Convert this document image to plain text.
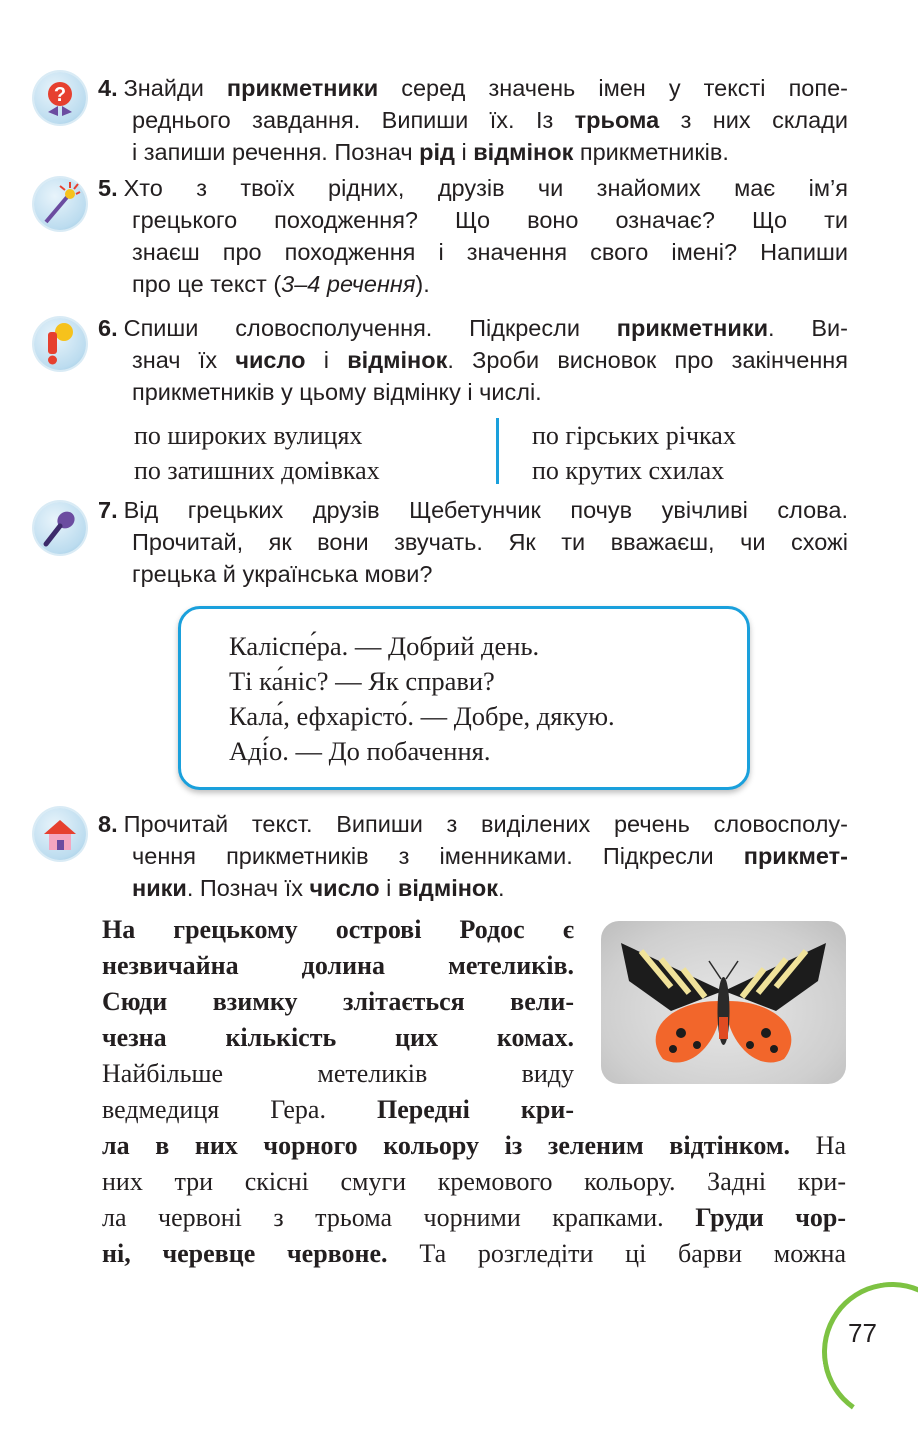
? 4. Знайди прикметники серед значень імен у тексті попе-
реднього завдання. Випиши їх. Із трьома з них склади
і запиши речення. Познач рід і відмінок прикметників.
5. Хто з твоїх рідних, друзів чи знайомих має ім’я
грецького походження? Що воно означає? Що ти
знаєш про походження і значення свого імені? Напиши
про це текст (3–4 речення).
6. Спиши словосполучення. Підкресли прикметники. Ви-
знач їх число і відмінок. Зроби висновок про закінчення
прикметників у цьому відмінку і числі.
по широких вулицях
по затишних домівках
по гірських річках
по крутих схилах
7. Від грецьких друзів Щебетунчик почув увічливі слова.
Прочитай, як вони звучать. Як ти вважаєш, чи схожі
грецька й українська мови?
Каліспе́ра. — Добрий день.
Ті ка́ніс? — Як справи?
Кала́, ефхарісто́. — Добре, дякую.
Аді́о. — До побачення.
8. Прочитай текст. Випиши з виділених речень словосполу-
чення прикметників з іменниками. Підкресли прикмет-
ники. Познач їх число і відмінок.
На грецькому острові Родос є
незвичайна долина метеликів.
Сюди взимку злітається вели-
чезна кількість цих комах.
Найбільше метеликів виду
ведмедиця Гера. Передні кри-
ла в них чорного кольору із зеленим відтінком. На
них три скісні смуги кремового кольору. Задні кри-
ла червоні з трьома чорними крапками. Груди чор-
ні, черевце червоне. Та розгледіти ці барви можна
77
